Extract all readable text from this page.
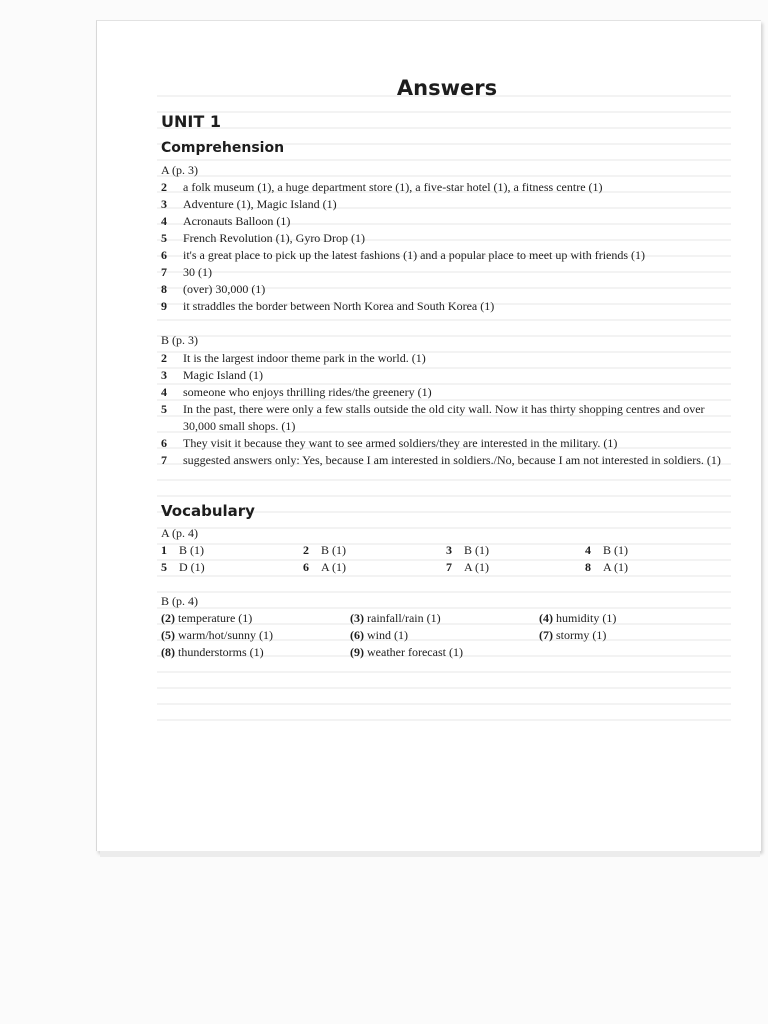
Answers
UNIT 1
Comprehension
A (p. 3)
2 a folk museum (1), a huge department store (1), a five-star hotel (1), a fitness centre (1)
3 Adventure (1), Magic Island (1)
4 Acronauts Balloon (1)
5 French Revolution (1), Gyro Drop (1)
6 it's a great place to pick up the latest fashions (1) and a popular place to meet up with friends (1)
7 30 (1)
8 (over) 30,000 (1)
9 it straddles the border between North Korea and South Korea (1)
B (p. 3)
2 It is the largest indoor theme park in the world. (1)
3 Magic Island (1)
4 someone who enjoys thrilling rides/the greenery (1)
5 In the past, there were only a few stalls outside the old city wall. Now it has thirty shopping centres and over 30,000 small shops. (1)
6 They visit it because they want to see armed soldiers/they are interested in the military. (1)
7 suggested answers only: Yes, because I am interested in soldiers./No, because I am not interested in soldiers. (1)
Vocabulary
A (p. 4)
1 B (1)	2 B (1)	3 B (1)	4 B (1)
5 D (1)	6 A (1)	7 A (1)	8 A (1)
B (p. 4)
(2) temperature (1)	(3) rainfall/rain (1)	(4) humidity (1)
(5) warm/hot/sunny (1)	(6) wind (1)	(7) stormy (1)
(8) thunderstorms (1)	(9) weather forecast (1)
